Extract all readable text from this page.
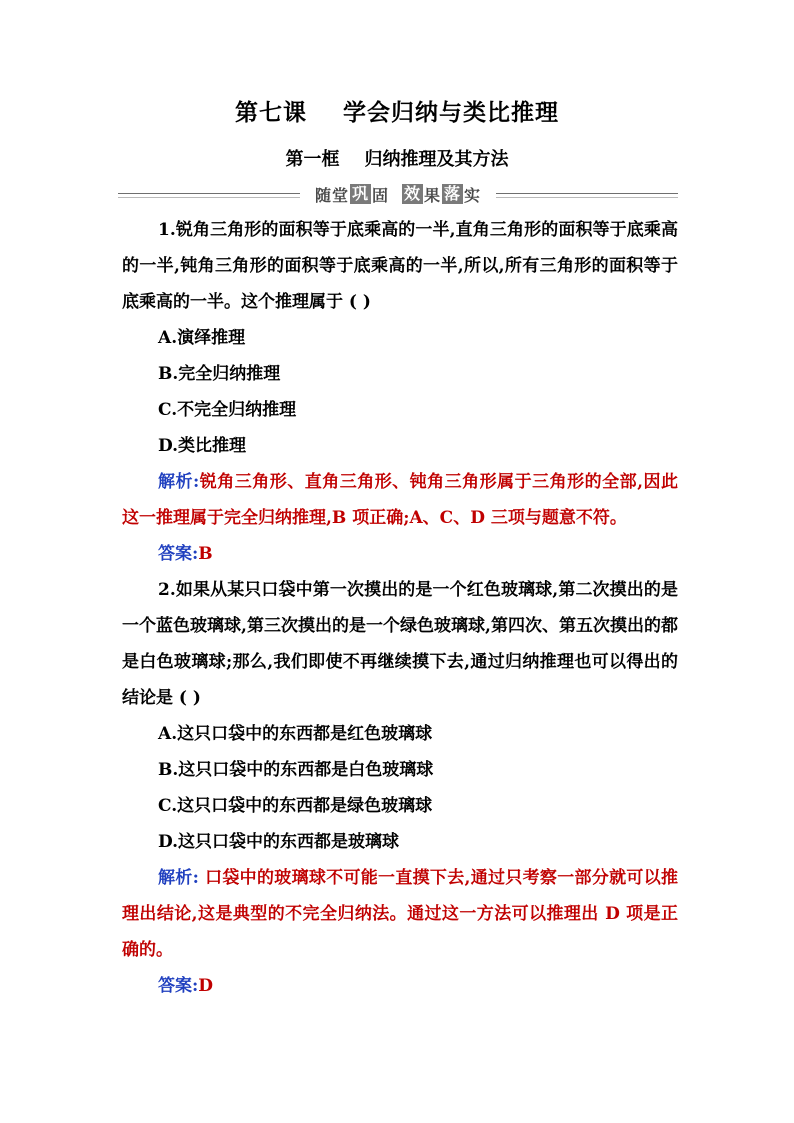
第七课    学会归纳与类比推理
第一框    归纳推理及其方法
随 堂 巩 固 效 果 落 实

1.锐角三角形的面积等于底乘高的一半,直角三角形的面积等于底乘高的一半,钝角三角形的面积等于底乘高的一半,所以,所有三角形的面积等于底乘高的一半。这个推理属于 ( )

A.演绎推理

B.完全归纳推理

C.不完全归纳推理

D.类比推理

解析:锐角三角形、直角三角形、钝角三角形属于三角形的全部,因此这一推理属于完全归纳推理,B 项正确;A、C、D 三项与题意不符。

答案:B

2.如果从某只口袋中第一次摸出的是一个红色玻璃球,第二次摸出的是一个蓝色玻璃球,第三次摸出的是一个绿色玻璃球,第四次、第五次摸出的都是白色玻璃球;那么,我们即使不再继续摸下去,通过归纳推理也可以得出的结论是 ( )

A.这只口袋中的东西都是红色玻璃球

B.这只口袋中的东西都是白色玻璃球

C.这只口袋中的东西都是绿色玻璃球

D.这只口袋中的东西都是玻璃球

解析: 口袋中的玻璃球不可能一直摸下去,通过只考察一部分就可以推理出结论,这是典型的不完全归纳法。通过这一方法可以推理出 D 项是正确的。

答案:D
